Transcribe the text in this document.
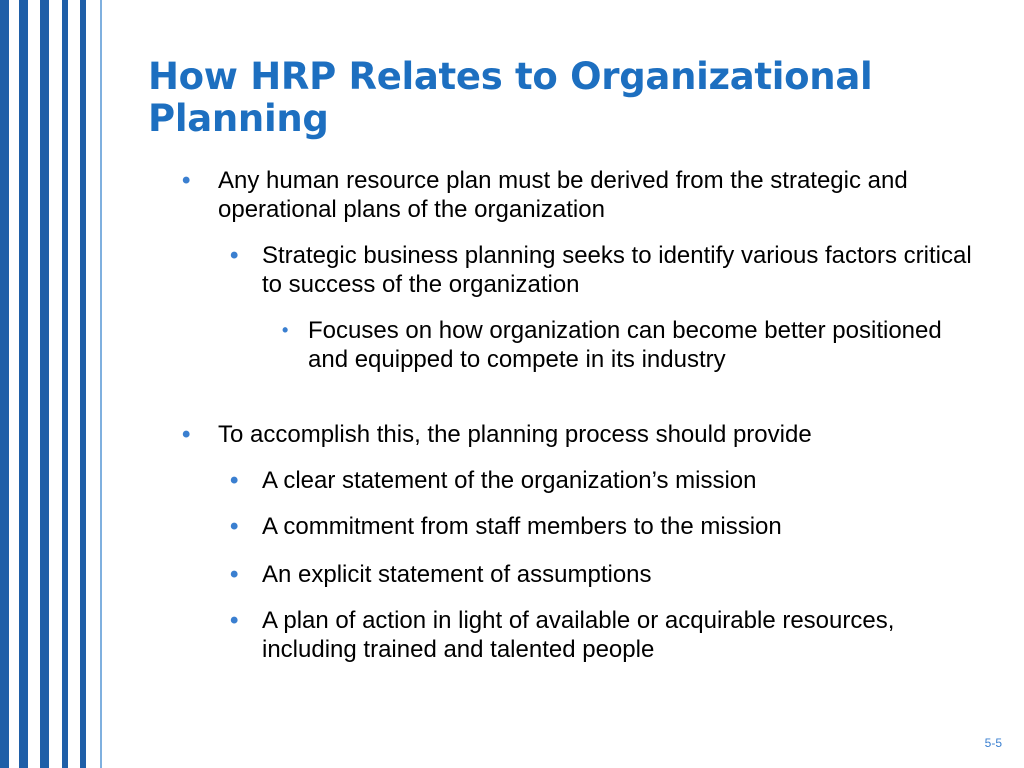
How HRP Relates to Organizational Planning
• Any human resource plan must be derived from the strategic and operational plans of the organization
• Strategic business planning seeks to identify various factors critical to success of the organization
• Focuses on how organization can become better positioned and equipped to compete in its industry
• To accomplish this, the planning process should provide
• A clear statement of the organization’s mission
• A commitment from staff members to the mission
• An explicit statement of assumptions
• A plan of action in light of available or acquirable resources, including trained and talented people
5-5
